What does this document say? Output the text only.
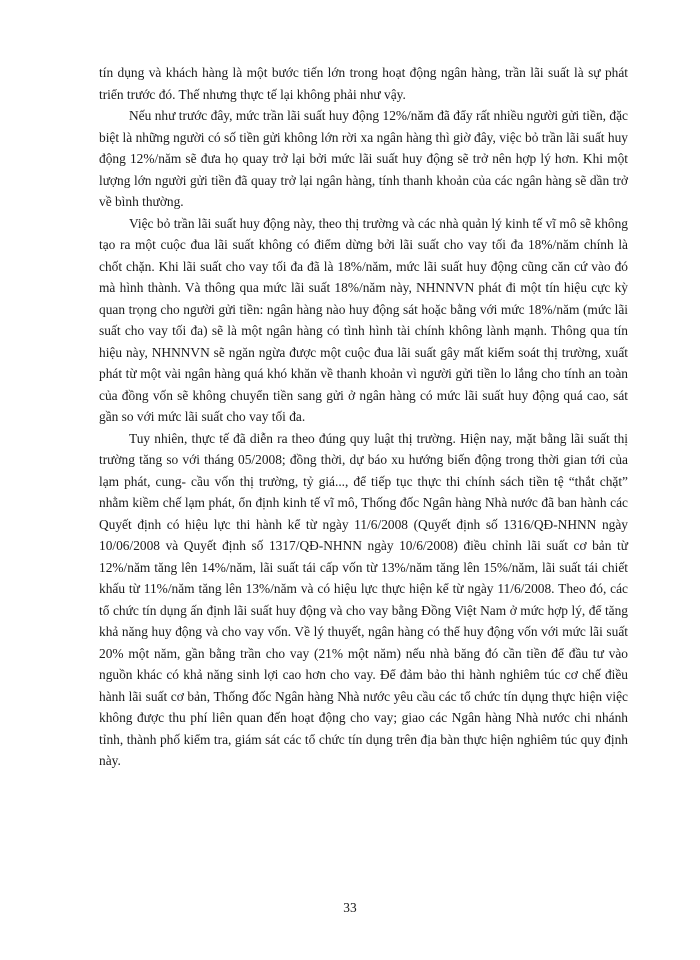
tín dụng và khách hàng là một bước tiến lớn trong hoạt động ngân hàng, trần lãi suất là sự phát triển trước đó. Thế nhưng thực tế lại không phải như vậy.

Nếu như trước đây, mức trần lãi suất huy động 12%/năm đã đẩy rất nhiều người gửi tiền, đặc biệt là những người có số tiền gửi không lớn rời xa ngân hàng thì giờ đây, việc bỏ trần lãi suất huy động 12%/năm sẽ đưa họ quay trở lại bởi mức lãi suất huy động sẽ trở nên hợp lý hơn. Khi một lượng lớn người gửi tiền đã quay trở lại ngân hàng, tính thanh khoản của các ngân hàng sẽ dần trở về bình thường.

Việc bỏ trần lãi suất huy động này, theo thị trường và các nhà quản lý kinh tế vĩ mô sẽ không tạo ra một cuộc đua lãi suất không có điểm dừng bởi lãi suất cho vay tối đa 18%/năm chính là chốt chặn. Khi lãi suất cho vay tối đa đã là 18%/năm, mức lãi suất huy động cũng căn cứ vào đó mà hình thành. Và thông qua mức lãi suất 18%/năm này, NHNNVN phát đi một tín hiệu cực kỳ quan trọng cho người gửi tiền: ngân hàng nào huy động sát hoặc bằng với mức 18%/năm (mức lãi suất cho vay tối đa) sẽ là một ngân hàng có tình hình tài chính không lành mạnh. Thông qua tín hiệu này, NHNNVN sẽ ngăn ngừa được một cuộc đua lãi suất gây mất kiểm soát thị trường, xuất phát từ một vài ngân hàng quá khó khăn về thanh khoản vì người gửi tiền lo lắng cho tính an toàn của đồng vốn sẽ không chuyển tiền sang gửi ở ngân hàng có mức lãi suất huy động quá cao, sát gần so với mức lãi suất cho vay tối đa.

Tuy nhiên, thực tế đã diễn ra theo đúng quy luật thị trường. Hiện nay, mặt bằng lãi suất thị trường tăng so với tháng 05/2008; đồng thời, dự báo xu hướng biến động trong thời gian tới của lạm phát, cung- cầu vốn thị trường, tỷ giá..., để tiếp tục thực thi chính sách tiền tệ “thắt chặt” nhằm kiềm chế lạm phát, ổn định kinh tế vĩ mô, Thống đốc Ngân hàng Nhà nước đã ban hành các Quyết định có hiệu lực thi hành kể từ ngày 11/6/2008 (Quyết định số 1316/QĐ-NHNN ngày 10/06/2008 và Quyết định số 1317/QĐ-NHNN ngày 10/6/2008) điều chỉnh lãi suất cơ bản từ 12%/năm tăng lên 14%/năm, lãi suất tái cấp vốn từ 13%/năm tăng lên 15%/năm, lãi suất tái chiết khấu từ 11%/năm tăng lên 13%/năm và có hiệu lực thực hiện kể từ ngày 11/6/2008. Theo đó, các tổ chức tín dụng ấn định lãi suất huy động và cho vay bằng Đồng Việt Nam ở mức hợp lý, để tăng khả năng huy động và cho vay vốn. Về lý thuyết, ngân hàng có thể huy động vốn với mức lãi suất 20% một năm, gần bằng trần cho vay (21% một năm) nếu nhà băng đó cần tiền để đầu tư vào nguồn khác có khả năng sinh lợi cao hơn cho vay. Để đảm bảo thi hành nghiêm túc cơ chế điều hành lãi suất cơ bản, Thống đốc Ngân hàng Nhà nước yêu cầu các tổ chức tín dụng thực hiện việc không được thu phí liên quan đến hoạt động cho vay; giao các Ngân hàng Nhà nước chi nhánh tỉnh, thành phố kiểm tra, giám sát các tổ chức tín dụng trên địa bàn thực hiện nghiêm túc quy định này.

33
